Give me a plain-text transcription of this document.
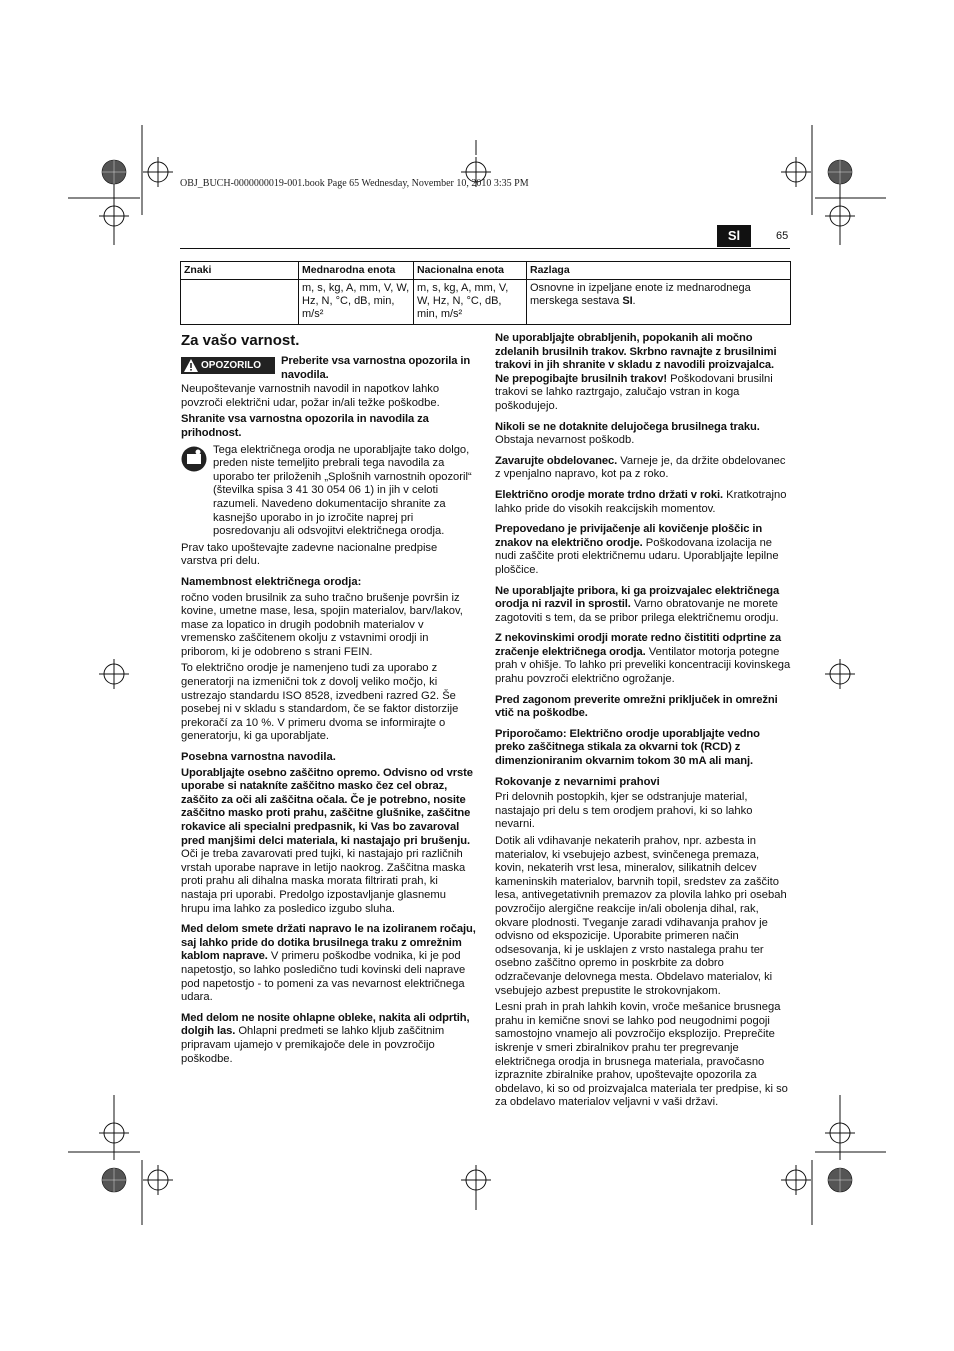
OBJ_BUCH-0000000019-001.book Page 65 Wednesday, November 10, 2010 3:35 PM
Sl	65
Znaki	Mednarodna enota	Nacionalna enota	Razlaga
	m, s, kg, A, mm, V, W, Hz, N, °C, dB, min, m/s²	m, s, kg, A, mm, V, W, Hz, N, °C, dB, min, m/s²	Osnovne in izpeljane enote iz mednarodnega merskega sestava SI.
Za vašo varnost.
OPOZORILO Preberite vsa varnostna opozorila in navodila.

Neupoštevanje varnostnih navodil in napotkov lahko povzroči električni udar, požar in/ali težke poškodbe.

Shranite vsa varnostna opozorila in navodila za prihodnost.

Tega električnega orodja ne uporabljajte tako dolgo, preden niste temeljito prebrali tega navodila za uporabo ter priloženih „Splošnih varnostnih opozoril“ (številka spisa 3 41 30 054 06 1) in jih v celoti razumeli. Navedeno dokumentacijo shranite za kasnejšo uporabo in jo izročite naprej pri posredovanju ali odsvojitvi električnega orodja.

Prav tako upoštevajte zadevne nacionalne predpise varstva pri delu.

Namembnost električnega orodja:

ročno voden brusilnik za suho tračno brušenje površin iz kovine, umetne mase, lesa, spojin materialov, barv/lakov, mase za lopatico in drugih podobnih materialov v vremensko zaščitenem okolju z vstavnimi orodji in priborom, ki je odobreno s strani FEIN.

To električno orodje je namenjeno tudi za uporabo z generatorji na izmenični tok z dovolj veliko močjo, ki ustrezajo standardu ISO 8528, izvedbeni razred G2. Še posebej ni v skladu s standardom, če se faktor distorzije prekoračí za 10 %. V primeru dvoma se informirajte o generatorju, ki ga uporabljate.

Posebna varnostna navodila.

Uporabljajte osebno zaščitno opremo. Odvisno od vrste uporabe si natakníte zaščitno masko čez cel obraz, zaščito za oči ali zaščitna očala. Če je potrebno, nosite zaščitno masko proti prahu, zaščitne glušnike, zaščitne rokavice ali specialni predpasnik, ki Vas bo zavaroval pred manjšimi delci materiala, ki nastajajo pri brušenju. Oči je treba zavarovati pred tujki, ki nastajajo pri različnih vrstah uporabe naprave in letijo naokrog. Zaščitna maska proti prahu ali dihalna maska morata filtrirati prah, ki nastaja pri uporabi. Predolgo izpostavljanje glasnemu hrupu ima lahko za posledico izgubo sluha.

Med delom smete držati napravo le na izoliranem ročaju, saj lahko pride do dotika brusilnega traku z omrežnim kablom naprave. V primeru poškodbe vodnika, ki je pod napetostjo, so lahko posledično tudi kovinski deli naprave pod napetostjo - to pomeni za vas nevarnost električnega udara.

Med delom ne nosite ohlapne obleke, nakita ali odprtih, dolgih las. Ohlapni predmeti se lahko kljub zaščitnim pripravam ujamejo v premikajoče dele in povzročijo poškodbe.

Ne uporabljajte obrabljenih, popokanih ali močno zdelanih brusilnih trakov. Skrbno ravnajte z brusilnimi trakovi in jih shranite v skladu z navodili proizvajalca. Ne prepogibajte brusilnih trakov! Poškodovani brusilni trakovi se lahko raztrgajo, zalučajo vstran in koga poškodujejo.

Nikoli se ne dotaknite delujočega brusilnega traku. Obstaja nevarnost poškodb.

Zavarujte obdelovanec. Varneje je, da držite obdelovanec z vpenjalno napravo, kot pa z roko.

Električno orodje morate trdno držati v roki. Kratkotrajno lahko pride do visokih reakcijskih momentov.

Prepovedano je privijačenje ali kovičenje ploščic in znakov na električno orodje. Poškodovana izolacija ne nudi zaščite proti električnemu udaru. Uporabljajte lepilne ploščice.

Ne uporabljajte pribora, ki ga proizvajalec električnega orodja ni razvil in sprostil. Varno obratovanje ne morete zagotoviti s tem, da se pribor prilega električnemu orodju.

Z nekovinskimi orodji morate redno čistititi odprtine za zračenje električnega orodja. Ventilator motorja potegne prah v ohišje. To lahko pri preveliki koncentraciji kovinskega prahu povzroči električno ogrožanje.

Pred zagonom preverite omrežni priključek in omrežni vtič na poškodbe.

Priporočamo: Električno orodje uporabljajte vedno preko zaščitnega stikala za okvarni tok (RCD) z dimenzioniranim okvarnim tokom 30 mA ali manj.

Rokovanje z nevarnimi prahovi

Pri delovnih postopkih, kjer se odstranjuje material, nastajajo pri delu s tem orodjem prahovi, ki so lahko nevarni.

Dotik ali vdihavanje nekaterih prahov, npr. azbesta in materialov, ki vsebujejo azbest, svinčenega premaza, kovin, nekaterih vrst lesa, mineralov, silikatnih delcev kameninskih materialov, barvnih topil, sredstev za zaščito lesa, antivegetativnih premazov za plovila lahko pri osebah povzročijo alergične reakcije in/ali obolenja dihal, rak, okvare plodnosti. Tveganje zaradi vdihavanja prahov je odvisno od ekspozicije. Uporabite primeren način odsesovanja, ki je usklajen z vrsto nastalega prahu ter osebno zaščitno opremo in poskrbite za dobro odzračevanje delovnega mesta. Obdelavo materialov, ki vsebujejo azbest prepustite le strokovnjakom.

Lesni prah in prah lahkih kovin, vroče mešanice brusnega prahu in kemične snovi se lahko pod neugodnimi pogoji samostojno vnamejo ali povzročijo eksplozijo. Preprečite iskrenje v smeri zbiralnikov prahu ter pregrevanje električnega orodja in brusnega materiala, pravočasno izpraznite zbiralnike prahov, upoštevajte opozorila za obdelavo, ki so od proizvajalca materiala ter predpise, ki so za obdelavo materialov veljavni v vaši državi.
